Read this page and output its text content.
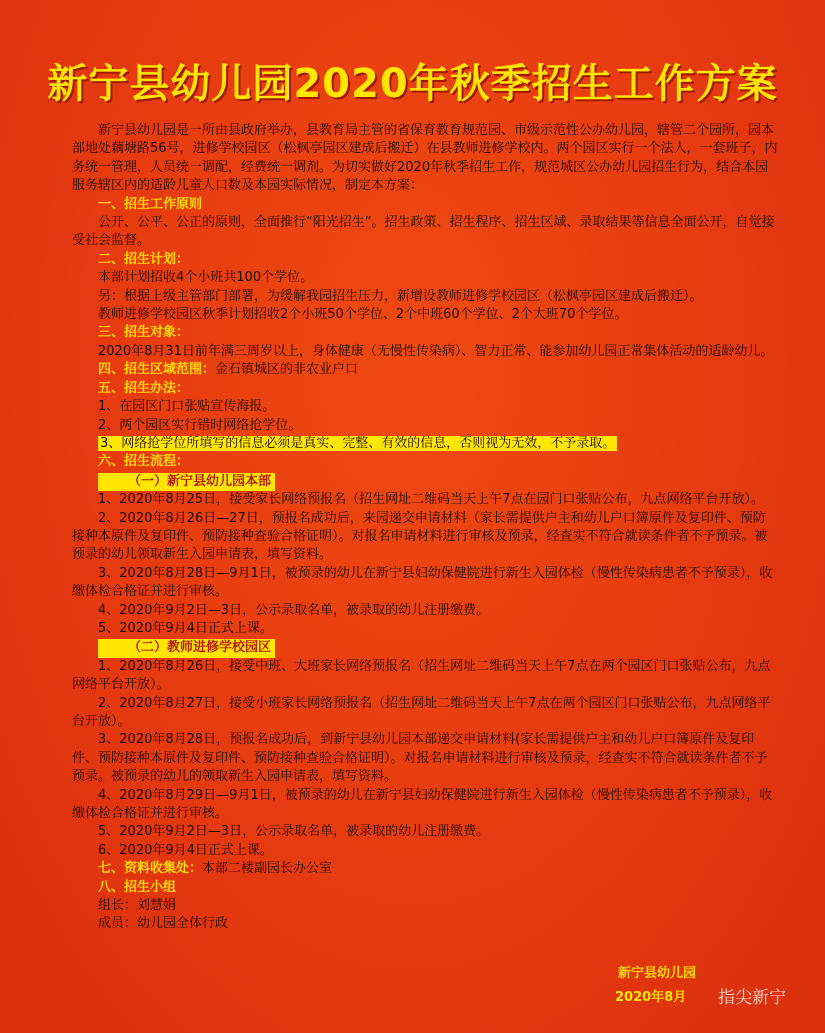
新宁县幼儿园2020年秋季招生工作方案

新宁县幼儿园是一所由县政府举办，县教育局主管的省保育教育规范园、市级示范性公办幼儿园，辖管二个园所，园本部地处藕塘路56号，进修学校园区（松枫亭园区建成后搬迁）在县教师进修学校内。两个园区实行一个法人，一套班子，内务统一管理，人员统一调配，经费统一调剂。为切实做好2020年秋季招生工作，规范城区公办幼儿园招生行为，结合本园服务辖区内的适龄儿童人口数及本园实际情况，制定本方案：

一、招生工作原则

公开、公平、公正的原则，全面推行“阳光招生”。招生政策、招生程序、招生区域、录取结果等信息全面公开，自觉接受社会监督。

二、招生计划：

本部计划招收4个小班共100个学位。

另：根据上级主管部门部署，为缓解我园招生压力，新增设教师进修学校园区（松枫亭园区建成后搬迁）。

教师进修学校园区秋季计划招收2个小班50个学位、2个中班60个学位、2个大班70个学位。

三、招生对象：

2020年8月31日前年满三周岁以上，身体健康（无慢性传染病）、智力正常、能参加幼儿园正常集体活动的适龄幼儿。

四、招生区域范围：金石镇城区的非农业户口

五、招生办法：

1、在园区门口张贴宣传海报。

2、两个园区实行错时网络抢学位。

3、网络抢学位所填写的信息必须是真实、完整、有效的信息，否则视为无效，不予录取。

六、招生流程：

（一）新宁县幼儿园本部

1、2020年8月25日，接受家长网络预报名（招生网址二维码当天上午7点在园门口张贴公布，九点网络平台开放）。

2、2020年8月26日—27日，预报名成功后，来园递交申请材料（家长需提供户主和幼儿户口簿原件及复印件、预防接种本原件及复印件、预防接种查验合格证明）。对报名申请材料进行审核及预录，经查实不符合就读条件者不予预录。被预录的幼儿领取新生入园申请表，填写资料。

3、2020年8月28日—9月1日，被预录的幼儿在新宁县妇幼保健院进行新生入园体检（慢性传染病患者不予预录），收缴体检合格证并进行审核。

4、2020年9月2日—3日，公示录取名单，被录取的幼儿注册缴费。

5、2020年9月4日正式上课。

（二）教师进修学校园区

1、2020年8月26日，接受中班、大班家长网络预报名（招生网址二维码当天上午7点在两个园区门口张贴公布，九点网络平台开放）。

2、2020年8月27日，接受小班家长网络预报名（招生网址二维码当天上午7点在两个园区门口张贴公布，九点网络平台开放）。

3、2020年8月28日，预报名成功后，到新宁县幼儿园本部递交申请材料(家长需提供户主和幼儿户口簿原件及复印件、预防接种本原件及复印件、预防接种查验合格证明）。对报名申请材料进行审核及预录，经查实不符合就读条件者不予预录。被预录的幼儿的领取新生入园申请表，填写资料。

4、2020年8月29日—9月1日，被预录的幼儿在新宁县妇幼保健院进行新生入园体检（慢性传染病患者不予预录），收缴体检合格证并进行审核。

5、2020年9月2日—3日，公示录取名单，被录取的幼儿注册缴费。

6、2020年9月4日正式上课。

七、资料收集处：本部二楼副园长办公室

八、招生小组

组长：刘慧娟

成员：幼儿园全体行政

新宁县幼儿园
2020年8月 指尖新宁
